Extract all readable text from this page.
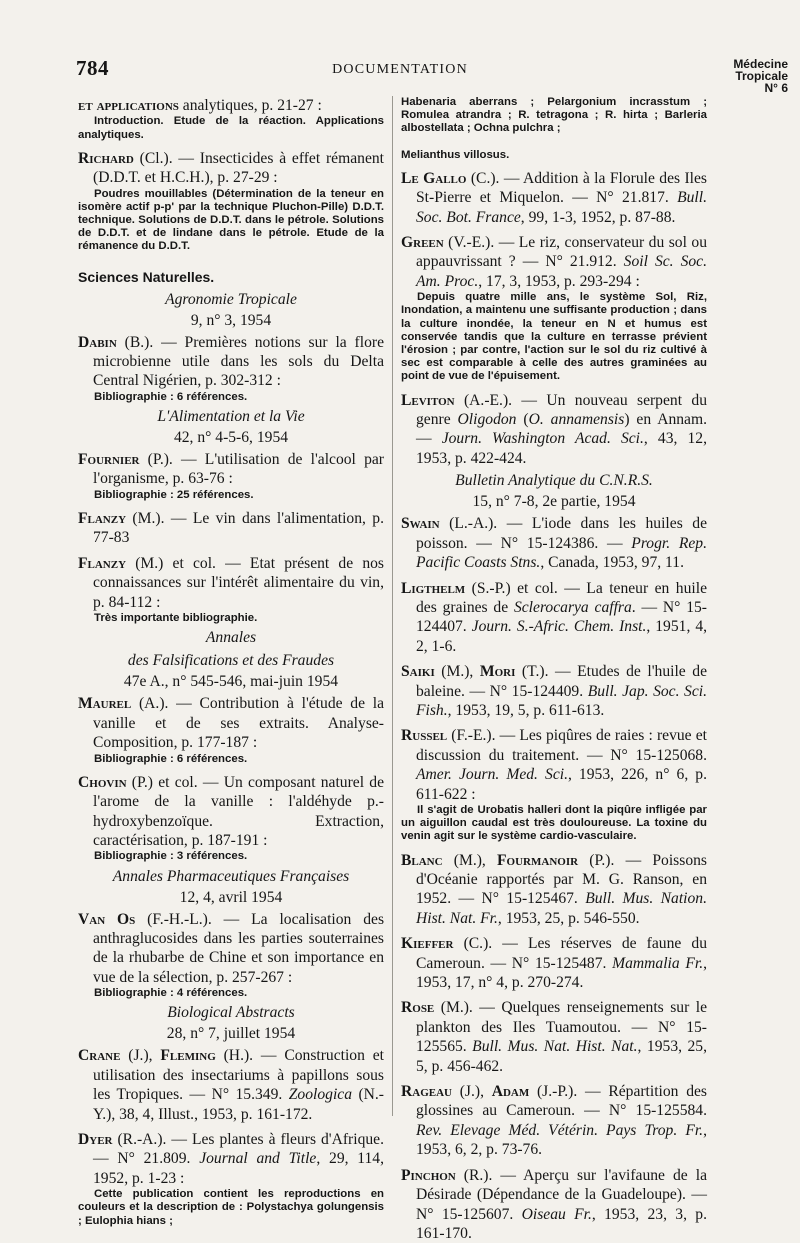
784	DOCUMENTATION	Médecine
Tropicale
N° 6
et applications analytiques, p. 21-27 :
Introduction. Etude de la réaction. Applications analytiques.
Richard (Cl.). — Insecticides à effet rémanent (D.D.T. et H.C.H.), p. 27-29 :
Poudres mouillables (Détermination de la teneur en isomère actif p-p' par la technique Pluchon-Pille) D.D.T. technique. Solutions de D.D.T. dans le pétrole. Solutions de D.D.T. et de lindane dans le pétrole. Etude de la rémanence du D.D.T.
Sciences Naturelles.
Agronomie Tropicale
9, n° 3, 1954
Dabin (B.). — Premières notions sur la flore microbienne utile dans les sols du Delta Central Nigérien, p. 302-312 :
Bibliographie : 6 références.
L'Alimentation et la Vie
42, n° 4-5-6, 1954
Fournier (P.). — L'utilisation de l'alcool par l'organisme, p. 63-76 :
Bibliographie : 25 références.
Flanzy (M.). — Le vin dans l'alimentation, p. 77-83
Flanzy (M.) et col. — Etat présent de nos connaissances sur l'intérêt alimentaire du vin, p. 84-112 :
Très importante bibliographie.
Annales
des Falsifications et des Fraudes
47e A., n° 545-546, mai-juin 1954
Maurel (A.). — Contribution à l'étude de la vanille et de ses extraits. Analyse-Composition, p. 177-187 :
Bibliographie : 6 références.
Chovin (P.) et col. — Un composant naturel de l'arome de la vanille : l'aldéhyde p.-hydroxybenzoïque. Extraction, caractérisation, p. 187-191 :
Bibliographie : 3 références.
Annales Pharmaceutiques Françaises
12, 4, avril 1954
Van Os (F.-H.-L.). — La localisation des anthraglucosides dans les parties souterraines de la rhubarbe de Chine et son importance en vue de la sélection, p. 257-267 :
Bibliographie : 4 références.
Biological Abstracts
28, n° 7, juillet 1954
Crane (J.), Fleming (H.). — Construction et utilisation des insectariums à papillons sous les Tropiques. — N° 15.349. Zoologica (N.-Y.), 38, 4, Illust., 1953, p. 161-172.
Dyer (R.-A.). — Les plantes à fleurs d'Afrique. — N° 21.809. Journal and Title, 29, 114, 1952, p. 1-23 :
Cette publication contient les reproductions en couleurs et la description de : Polystachya golungensis ; Eulophia hians ;
Habenaria aberrans ; Pelargonium incrasstum ; Romulea atrandra ; R. tetragona ; R. hirta ; Barleria albostellata ; Ochna pulchra ;
Melianthus villosus.
Le Gallo (C.). — Addition à la Florule des Iles St-Pierre et Miquelon. — N° 21.817. Bull. Soc. Bot. France, 99, 1-3, 1952, p. 87-88.
Green (V.-E.). — Le riz, conservateur du sol ou appauvrissant ? — N° 21.912. Soil Sc. Soc. Am. Proc., 17, 3, 1953, p. 293-294 :
Depuis quatre mille ans, le système Sol, Riz, Inondation, a maintenu une suffisante production ; dans la culture inondée, la teneur en N et humus est conservée tandis que la culture en terrasse prévient l'érosion ; par contre, l'action sur le sol du riz cultivé à sec est comparable à celle des autres graminées au point de vue de l'épuisement.
Leviton (A.-E.). — Un nouveau serpent du genre Oligodon (O. annamensis) en Annam. — Journ. Washington Acad. Sci., 43, 12, 1953, p. 422-424.
Bulletin Analytique du C.N.R.S.
15, n° 7-8, 2e partie, 1954
Swain (L.-A.). — L'iode dans les huiles de poisson. — N° 15-124386. — Progr. Rep. Pacific Coasts Stns., Canada, 1953, 97, 11.
Ligthelm (S.-P.) et col. — La teneur en huile des graines de Sclerocarya caffra. — N° 15-124407. Journ. S.-Afric. Chem. Inst., 1951, 4, 2, 1-6.
Saiki (M.), Mori (T.). — Etudes de l'huile de baleine. — N° 15-124409. Bull. Jap. Soc. Sci. Fish., 1953, 19, 5, p. 611-613.
Russel (F.-E.). — Les piqûres de raies : revue et discussion du traitement. — N° 15-125068. Amer. Journ. Med. Sci., 1953, 226, n° 6, p. 611-622 :
Il s'agit de Urobatis halleri dont la piqûre infligée par un aiguillon caudal est très douloureuse. La toxine du venin agit sur le système cardio-vasculaire.
Blanc (M.), Fourmanoir (P.). — Poissons d'Océanie rapportés par M. G. Ranson, en 1952. — N° 15-125467. Bull. Mus. Nation. Hist. Nat. Fr., 1953, 25, p. 546-550.
Kieffer (C.). — Les réserves de faune du Cameroun. — N° 15-125487. Mammalia Fr., 1953, 17, n° 4, p. 270-274.
Rose (M.). — Quelques renseignements sur le plankton des Iles Tuamoutou. — N° 15-125565. Bull. Mus. Nat. Hist. Nat., 1953, 25, 5, p. 456-462.
Rageau (J.), Adam (J.-P.). — Répartition des glossines au Cameroun. — N° 15-125584. Rev. Elevage Méd. Vétérin. Pays Trop. Fr., 1953, 6, 2, p. 73-76.
Pinchon (R.). — Aperçu sur l'avifaune de la Désirade (Dépendance de la Guadeloupe). — N° 15-125607. Oiseau Fr., 1953, 23, 3, p. 161-170.
